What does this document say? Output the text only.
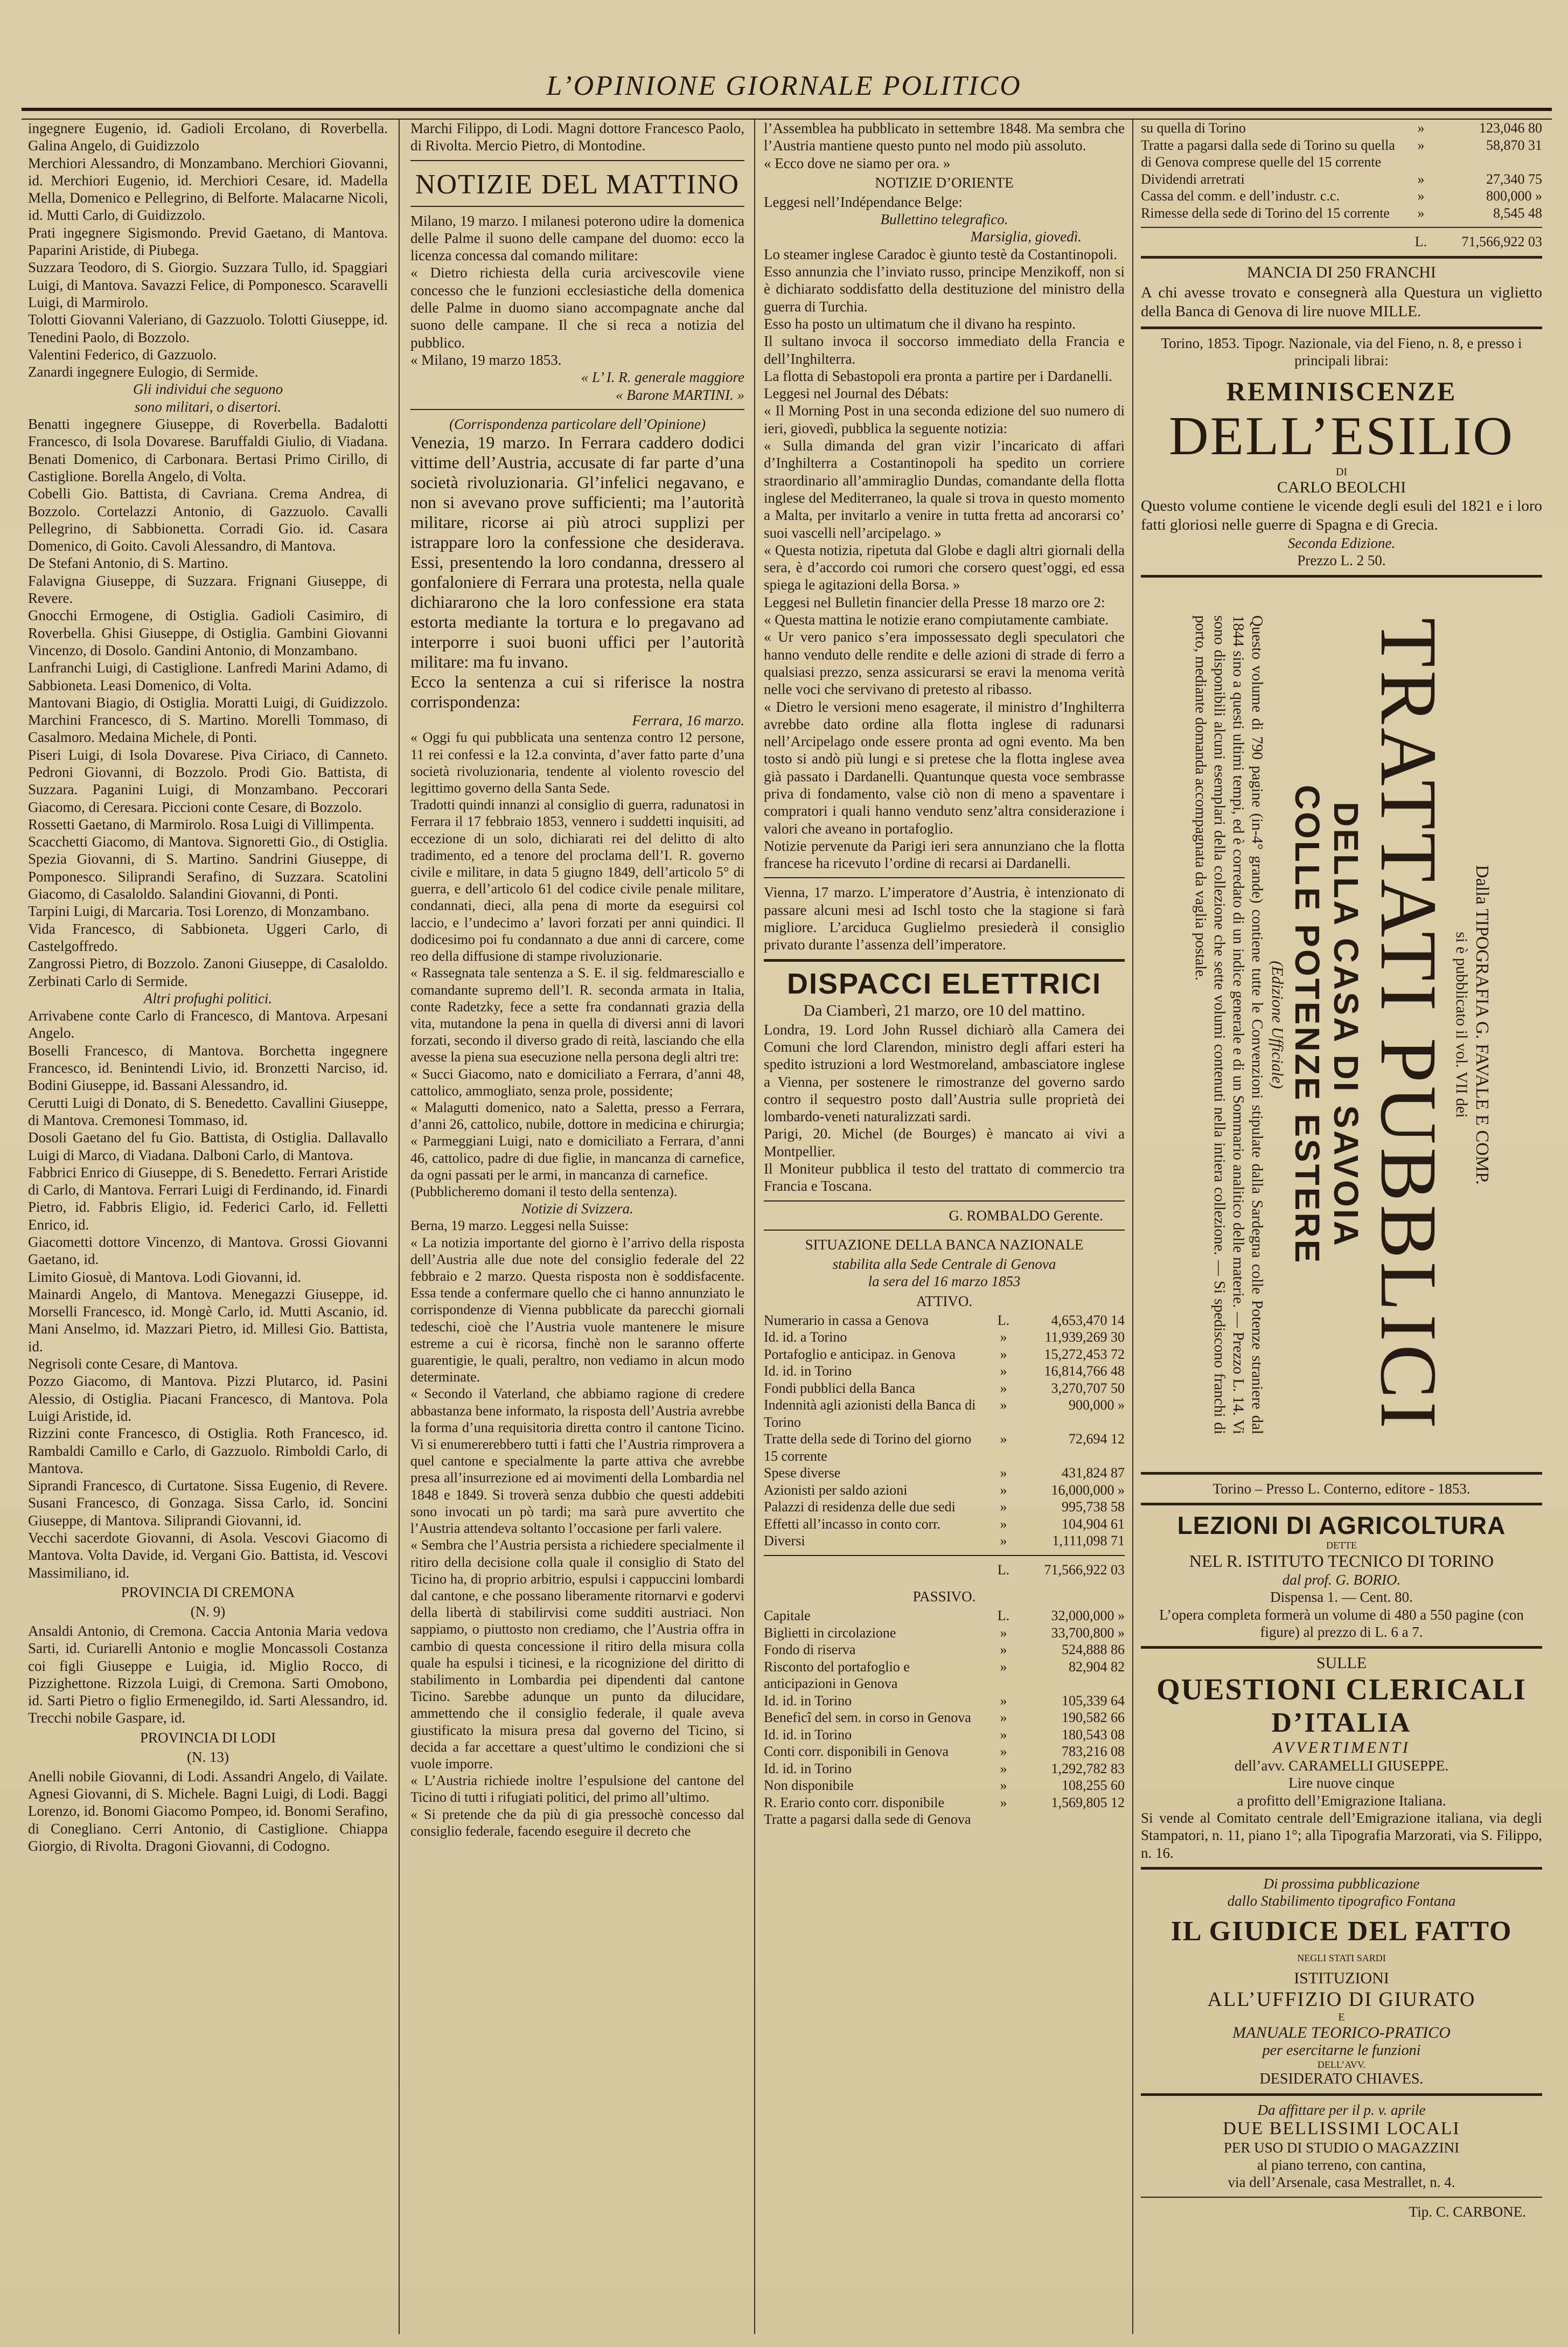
L’OPINIONE GIORNALE POLITICO

ingegnere Eugenio, id. Gadioli Ercolano, di Roverbella. Galina Angelo, di Guidizzolo
Merchiori Alessandro, di Monzambano. Merchiori Giovanni, id. Merchiori Eugenio, id. Merchiori Cesare, id. Madella Mella, Domenico e Pellegrino, di Belforte. Malacarne Nicoli, id. Mutti Carlo, di Guidizzolo.
Prati ingegnere Sigismondo. Previd Gaetano, di Mantova. Paparini Aristide, di Piubega.
Suzzara Teodoro, di S. Giorgio. Suzzara Tullo, id. Spaggiari Luigi, di Mantova. Savazzi Felice, di Pomponesco. Scaravelli Luigi, di Marmirolo.
Tolotti Giovanni Valeriano, di Gazzuolo. Tolotti Giuseppe, id. Tenedini Paolo, di Bozzolo.
Valentini Federico, di Gazzuolo.
Zanardi ingegnere Eulogio, di Sermide.

Gli individui che seguono
sono militari, o disertori.

Benatti ingegnere Giuseppe, di Roverbella. Badalotti Francesco, di Isola Dovarese. Baruffaldi Giulio, di Viadana. Benati Domenico, di Carbonara. Bertasi Primo Cirillo, di Castiglione. Borella Angelo, di Volta.
Cobelli Gio. Battista, di Cavriana. Crema Andrea, di Bozzolo. Cortelazzi Antonio, di Gazzuolo. Cavalli Pellegrino, di Sabbionetta. Corradi Gio. id. Casara Domenico, di Goito. Cavoli Alessandro, di Mantova.
De Stefani Antonio, di S. Martino.
Falavigna Giuseppe, di Suzzara. Frignani Giuseppe, di Revere.
Gnocchi Ermogene, di Ostiglia. Gadioli Casimiro, di Roverbella. Ghisi Giuseppe, di Ostiglia. Gambini Giovanni Vincenzo, di Dosolo. Gandini Antonio, di Monzambano.
Lanfranchi Luigi, di Castiglione. Lanfredi Marini Adamo, di Sabbioneta. Leasi Domenico, di Volta.
Mantovani Biagio, di Ostiglia. Moratti Luigi, di Guidizzolo. Marchini Francesco, di S. Martino. Morelli Tommaso, di Casalmoro. Medaina Michele, di Ponti.
Piseri Luigi, di Isola Dovarese. Piva Ciriaco, di Canneto. Pedroni Giovanni, di Bozzolo. Prodi Gio. Battista, di Suzzara. Paganini Luigi, di Monzambano. Peccorari Giacomo, di Ceresara. Piccioni conte Cesare, di Bozzolo.
Rossetti Gaetano, di Marmirolo. Rosa Luigi di Villimpenta.
Scacchetti Giacomo, di Mantova. Signoretti Gio., di Ostiglia. Spezia Giovanni, di S. Martino. Sandrini Giuseppe, di Pomponesco. Siliprandi Serafino, di Suzzara. Scatolini Giacomo, di Casaloldo. Salandini Giovanni, di Ponti.
Tarpini Luigi, di Marcaria. Tosi Lorenzo, di Monzambano.
Vida Francesco, di Sabbioneta. Uggeri Carlo, di Castelgoffredo.
Zangrossi Pietro, di Bozzolo. Zanoni Giuseppe, di Casaloldo. Zerbinati Carlo di Sermide.

Altri profughi politici.

Arrivabene conte Carlo di Francesco, di Mantova. Arpesani Angelo.
Boselli Francesco, di Mantova. Borchetta ingegnere Francesco, id. Benintendi Livio, id. Bronzetti Narciso, id. Bodini Giuseppe, id. Bassani Alessandro, id.
Cerutti Luigi di Donato, di S. Benedetto. Cavallini Giuseppe, di Mantova. Cremonesi Tommaso, id.
Dosoli Gaetano del fu Gio. Battista, di Ostiglia. Dallavallo Luigi di Marco, di Viadana. Dalboni Carlo, di Mantova.
Fabbrici Enrico di Giuseppe, di S. Benedetto. Ferrari Aristide di Carlo, di Mantova. Ferrari Luigi di Ferdinando, id. Finardi Pietro, id. Fabbris Eligio, id. Federici Carlo, id. Felletti Enrico, id.
Giacometti dottore Vincenzo, di Mantova. Grossi Giovanni Gaetano, id.
Limito Giosuè, di Mantova. Lodi Giovanni, id.
Mainardi Angelo, di Mantova. Menegazzi Giuseppe, id. Morselli Francesco, id. Mongè Carlo, id. Mutti Ascanio, id. Mani Anselmo, id. Mazzari Pietro, id. Millesi Gio. Battista, id.
Negrisoli conte Cesare, di Mantova.
Pozzo Giacomo, di Mantova. Pizzi Plutarco, id. Pasini Alessio, di Ostiglia. Piacani Francesco, di Mantova. Pola Luigi Aristide, id.
Rizzini conte Francesco, di Ostiglia. Roth Francesco, id. Rambaldi Camillo e Carlo, di Gazzuolo. Rimboldi Carlo, di Mantova.
Siprandi Francesco, di Curtatone. Sissa Eugenio, di Revere. Susani Francesco, di Gonzaga. Sissa Carlo, id. Soncini Giuseppe, di Mantova. Siliprandi Giovanni, id.
Vecchi sacerdote Giovanni, di Asola. Vescovi Giacomo di Mantova. Volta Davide, id. Vergani Gio. Battista, id. Vescovi Massimiliano, id.

PROVINCIA DI CREMONA

(N. 9)

Ansaldi Antonio, di Cremona. Caccia Antonia Maria vedova Sarti, id. Curiarelli Antonio e moglie Moncassoli Costanza coi figli Giuseppe e Luigia, id. Miglio Rocco, di Pizzighettone. Rizzola Luigi, di Cremona. Sarti Omobono, id. Sarti Pietro o figlio Ermenegildo, id. Sarti Alessandro, id. Trecchi nobile Gaspare, id.

PROVINCIA DI LODI

(N. 13)

Anelli nobile Giovanni, di Lodi. Assandri Angelo, di Vailate. Agnesi Giovanni, di S. Michele. Bagni Luigi, di Lodi. Baggi Lorenzo, id. Bonomi Giacomo Pompeo, id. Bonomi Serafino, di Conegliano. Cerri Antonio, di Castiglione. Chiappa Giorgio, di Rivolta. Dragoni Giovanni, di Codogno.

Marchi Filippo, di Lodi. Magni dottore Francesco Paolo, di Rivolta. Mercio Pietro, di Montodine.

NOTIZIE DEL MATTINO

Milano, 19 marzo. I milanesi poterono udire la domenica delle Palme il suono delle campane del duomo: ecco la licenza concessa dal comando militare:
« Dietro richiesta della curia arcivescovile viene concesso che le funzioni ecclesiastiche della domenica delle Palme in duomo siano accompagnate anche dal suono delle campane. Il che si reca a notizia del pubblico.
« Milano, 19 marzo 1853.

« L’ I. R. generale maggiore
« Barone MARTINI. »

(Corrispondenza particolare dell’Opinione)

Venezia, 19 marzo. In Ferrara caddero dodici vittime dell’Austria, accusate di far parte d’una società rivoluzionaria. Gl’infelici negavano, e non si avevano prove sufficienti; ma l’autorità militare, ricorse ai più atroci supplizi per istrappare loro la confessione che desiderava. Essi, presentendo la loro condanna, dressero al gonfaloniere di Ferrara una protesta, nella quale dichiararono che la loro confessione era stata estorta mediante la tortura e lo pregavano ad interporre i suoi buoni uffici per l’autorità militare: ma fu invano.
Ecco la sentenza a cui si riferisce la nostra corrispondenza:

Ferrara, 16 marzo.

« Oggi fu qui pubblicata una sentenza contro 12 persone, 11 rei confessi e la 12.a convinta, d’aver fatto parte d’una società rivoluzionaria, tendente al violento rovescio del legittimo governo della Santa Sede.
Tradotti quindi innanzi al consiglio di guerra, radunatosi in Ferrara il 17 febbraio 1853, vennero i suddetti inquisiti, ad eccezione di un solo, dichiarati rei del delitto di alto tradimento, ed a tenore del proclama dell’I. R. governo civile e militare, in data 5 giugno 1849, dell’articolo 5° di guerra, e dell’articolo 61 del codice civile penale militare, condannati, dieci, alla pena di morte da eseguirsi col laccio, e l’undecimo a’ lavori forzati per anni quindici. Il dodicesimo poi fu condannato a due anni di carcere, come reo della diffusione di stampe rivoluzionarie.
« Rassegnata tale sentenza a S. E. il sig. feldmaresciallo e comandante supremo dell’I. R. seconda armata in Italia, conte Radetzky, fece a sette fra condannati grazia della vita, mutandone la pena in quella di diversi anni di lavori forzati, secondo il diverso grado di reità, lasciando che ella avesse la piena sua esecuzione nella persona degli altri tre:
« Succi Giacomo, nato e domiciliato a Ferrara, d’anni 48, cattolico, ammogliato, senza prole, possidente;
« Malagutti domenico, nato a Saletta, presso a Ferrara, d’anni 26, cattolico, nubile, dottore in medicina e chirurgia;
« Parmeggiani Luigi, nato e domiciliato a Ferrara, d’anni 46, cattolico, padre di due figlie, in mancanza di carnefice, da ogni passati per le armi, in mancanza di carnefice.
(Pubblicheremo domani il testo della sentenza).

Notizie di Svizzera.

Berna, 19 marzo. Leggesi nella Suisse:
« La notizia importante del giorno è l’arrivo della risposta dell’Austria alle due note del consiglio federale del 22 febbraio e 2 marzo. Questa risposta non è soddisfacente. Essa tende a confermare quello che ci hanno annunziato le corrispondenze di Vienna pubblicate da parecchi giornali tedeschi, cioè che l’Austria vuole mantenere le misure estreme a cui è ricorsa, finchè non le saranno offerte guarentigie, le quali, peraltro, non vediamo in alcun modo determinate.
« Secondo il Vaterland, che abbiamo ragione di credere abbastanza bene informato, la risposta dell’Austria avrebbe la forma d’una requisitoria diretta contro il cantone Ticino. Vi si enumererebbero tutti i fatti che l’Austria rimprovera a quel cantone e specialmente la parte attiva che avrebbe presa all’insurrezione ed ai movimenti della Lombardia nel 1848 e 1849. Si troverà senza dubbio che questi addebiti sono invocati un pò tardi; ma sarà pure avvertito che l’Austria attendeva soltanto l’occasione per farli valere.
« Sembra che l’Austria persista a richiedere specialmente il ritiro della decisione colla quale il consiglio di Stato del Ticino ha, di proprio arbitrio, espulsi i cappuccini lombardi dal cantone, e che possano liberamente ritornarvi e godervi della libertà di stabilirvisi come sudditi austriaci. Non sappiamo, o piuttosto non crediamo, che l’Austria offra in cambio di questa concessione il ritiro della misura colla quale ha espulsi i ticinesi, e la ricognizione del diritto di stabilimento in Lombardia pei dipendenti dal cantone Ticino. Sarebbe adunque un punto da dilucidare, ammettendo che il consiglio federale, il quale aveva giustificato la misura presa dal governo del Ticino, si decida a far accettare a quest’ultimo le condizioni che si vuole imporre.
« L’Austria richiede inoltre l’espulsione del cantone del Ticino di tutti i rifugiati politici, del primo all’ultimo.
« Si pretende che da più di gia pressochè concesso dal consiglio federale, facendo eseguire il decreto che

l’Assemblea ha pubblicato in settembre 1848. Ma sembra che l’Austria mantiene questo punto nel modo più assoluto.
« Ecco dove ne siamo per ora. »

NOTIZIE D’ORIENTE

Leggesi nell’Indépendance Belge:

Bullettino telegrafico.

Marsiglia, giovedì.

Lo steamer inglese Caradoc è giunto testè da Costantinopoli.
Esso annunzia che l’inviato russo, principe Menzikoff, non si è dichiarato soddisfatto della destituzione del ministro della guerra di Turchia.
Esso ha posto un ultimatum che il divano ha respinto.
Il sultano invoca il soccorso immediato della Francia e dell’Inghilterra.
La flotta di Sebastopoli era pronta a partire per i Dardanelli.
Leggesi nel Journal des Débats:
« Il Morning Post in una seconda edizione del suo numero di ieri, giovedì, pubblica la seguente notizia:
« Sulla dimanda del gran vizir l’incaricato di affari d’Inghilterra a Costantinopoli ha spedito un corriere straordinario all’ammiraglio Dundas, comandante della flotta inglese del Mediterraneo, la quale si trova in questo momento a Malta, per invitarlo a venire in tutta fretta ad ancorarsi co’ suoi vascelli nell’arcipelago. »
« Questa notizia, ripetuta dal Globe e dagli altri giornali della sera, è d’accordo coi rumori che corsero quest’oggi, ed essa spiega le agitazioni della Borsa. »
Leggesi nel Bulletin financier della Presse 18 marzo ore 2:
« Questa mattina le notizie erano compiutamente cambiate.
« Ur vero panico s’era impossessato degli speculatori che hanno venduto delle rendite e delle azioni di strade di ferro a qualsiasi prezzo, senza assicurarsi se eravi la menoma verità nelle voci che servivano di pretesto al ribasso.
« Dietro le versioni meno esagerate, il ministro d’Inghilterra avrebbe dato ordine alla flotta inglese di radunarsi nell’Arcipelago onde essere pronta ad ogni evento. Ma ben tosto si andò più lungi e si pretese che la flotta inglese avea già passato i Dardanelli. Quantunque questa voce sembrasse priva di fondamento, valse ciò non di meno a spaventare i compratori i quali hanno venduto senz’altra considerazione i valori che aveano in portafoglio.
Notizie pervenute da Parigi ieri sera annunziano che la flotta francese ha ricevuto l’ordine di recarsi ai Dardanelli.

Vienna, 17 marzo. L’imperatore d’Austria, è intenzionato di passare alcuni mesi ad Ischl tosto che la stagione si farà migliore. L’arciduca Guglielmo presiederà il consiglio privato durante l’assenza dell’imperatore.

DISPACCI ELETTRICI

Da Ciamberì, 21 marzo, ore 10 del mattino.

Londra, 19. Lord John Russel dichiarò alla Camera dei Comuni che lord Clarendon, ministro degli affari esteri ha spedito istruzioni a lord Westmoreland, ambasciatore inglese a Vienna, per sostenere le rimostranze del governo sardo contro il sequestro posto dall’Austria sulle proprietà dei lombardo-veneti naturalizzati sardi.
Parigi, 20. Michel (de Bourges) è mancato ai vivi a Montpellier.
Il Moniteur pubblica il testo del trattato di commercio tra Francia e Toscana.

G. ROMBALDO Gerente.

SITUAZIONE DELLA BANCA NAZIONALE

stabilita alla Sede Centrale di Genova
la sera del 16 marzo 1853

ATTIVO.

Numerario in cassa a Genova	L.	4,653,470 14
Id. id. a Torino	»	11,939,269 30
Portafoglio e anticipaz. in Genova	»	15,272,453 72
Id. id. in Torino	»	16,814,766 48
Fondi pubblici della Banca	»	3,270,707 50
Indennità agli azionisti della Banca di Torino
»	900,000 »
Tratte della sede di Torino del giorno 15 corrente
»	72,694 12
Spese diverse	»	431,824 87
Azionisti per saldo azioni	»	16,000,000 »
Palazzi di residenza delle due sedi	»	995,738 58
Effetti all’incasso in conto corr.	»	104,904 61
Diversi	»	1,111,098 71
L.	71,566,922 03

PASSIVO.

Capitale	L.	32,000,000 »
Biglietti in circolazione	»	33,700,800 »
Fondo di riserva	»	524,888 86
Risconto del portafoglio e anticipazioni in Genova
»	82,904 82
Id. id. in Torino	»	105,339 64
Beneficî del sem. in corso in Genova	»	190,582 66
Id. id. in Torino	»	180,543 08
Conti corr. disponibili in Genova	»	783,216 08
Id. id. in Torino	»	1,292,782 83
Non disponibile	»	108,255 60
R. Erario conto corr. disponibile	»	1,569,805 12
Tratte a pagarsi dalla sede di Genova
su quella di Torino	»	123,046 80
Tratte a pagarsi dalla sede di Torino su quella di Genova comprese quelle del 15 corrente
»	58,870 31
Dividendi arretrati	»	27,340 75
Cassa del comm. e dell’industr. c.c.	»	800,000 »
Rimesse della sede di Torino del 15 corrente	»	8,545 48
L.	71,566,922 03

MANCIA DI 250 FRANCHI

A chi avesse trovato e consegnerà alla Questura un viglietto della Banca di Genova di lire nuove MILLE.

Torino, 1853. Tipogr. Nazionale, via del Fieno, n. 8, e presso i principali librai:

REMINISCENZE

DELL’ESILIO

DI

CARLO BEOLCHI

Questo volume contiene le vicende degli esuli del 1821 e i loro fatti gloriosi nelle guerre di Spagna e di Grecia.

Seconda Edizione.

Prezzo L. 2 50.

Dalla TIPOGRAFIA G. FAVALE E COMP.

si è pubblicato il vol. VII dei

TRATTATI PUBBLICI

DELLA CASA DI SAVOIA

COLLE POTENZE ESTERE

(Edizione Ufficiale)

Questo volume di 790 pagine (in-4° grande) contiene tutte le Convenzioni stipulate dalla Sardegna colle Potenze straniere dal 1844 sino a questi ultimi tempi, ed è corredato di un indice generale e di un Sommario analitico delle materie. — Prezzo L. 14. Vi sono disponibili alcuni esemplari della collezione che sette volumi contenuti nella intiera collezione. — Si spediscono franchi di porto, mediante domanda accompagnata da vaglia postale.

Torino – Presso L. Conterno, editore - 1853.

LEZIONI DI AGRICOLTURA

DETTE

NEL R. ISTITUTO TECNICO DI TORINO

dal prof. G. BORIO.

Dispensa 1. — Cent. 80.

L’opera completa formerà un volume di 480 a 550 pagine (con figure) al prezzo di L. 6 a 7.

SULLE

QUESTIONI CLERICALI

D’ITALIA

AVVERTIMENTI

dell’avv. CARAMELLI GIUSEPPE.

Lire nuove cinque

a profitto dell’Emigrazione Italiana.

Si vende al Comitato centrale dell’Emigrazione italiana, via degli Stampatori, n. 11, piano 1°; alla Tipografia Marzorati, via S. Filippo, n. 16.

Di prossima pubblicazione
dallo Stabilimento tipografico Fontana

IL GIUDICE DEL FATTO

NEGLI STATI SARDI

ISTITUZIONI

ALL’UFFIZIO DI GIURATO

E

MANUALE TEORICO-PRATICO

per esercitarne le funzioni

DELL’AVV.

DESIDERATO CHIAVES.

Da affittare per il p. v. aprile

DUE BELLISSIMI LOCALI

PER USO DI STUDIO O MAGAZZINI

al piano terreno, con cantina,

via dell’Arsenale, casa Mestrallet, n. 4.

Tip. C. CARBONE.
